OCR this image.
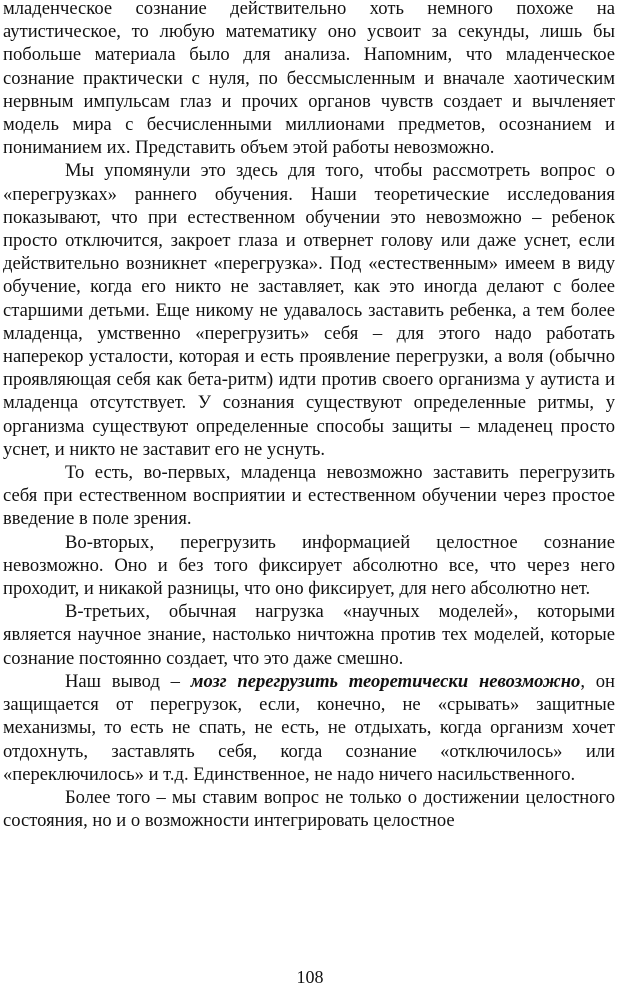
младенческое сознание действительно хоть немного похоже на аутистическое, то любую математику оно усвоит за секунды, лишь бы побольше материала было для анализа. Напомним, что младенческое сознание практически с нуля, по бессмысленным и вначале хаотическим нервным импульсам глаз и прочих органов чувств создает и вычленяет модель мира с бесчисленными миллионами предметов, осознанием и пониманием их. Представить объем этой работы невозможно.

Мы упомянули это здесь для того, чтобы рассмотреть вопрос о «перегрузках» раннего обучения. Наши теоретические исследования показывают, что при естественном обучении это невозможно – ребенок просто отключится, закроет глаза и отвернет голову или даже уснет, если действительно возникнет «перегрузка». Под «естественным» имеем в виду обучение, когда его никто не заставляет, как это иногда делают с более старшими детьми. Еще никому не удавалось заставить ребенка, а тем более младенца, умственно «перегрузить» себя – для этого надо работать наперекор усталости, которая и есть проявление перегрузки, а воля (обычно проявляющая себя как бета-ритм) идти против своего организма у аутиста и младенца отсутствует. У сознания существуют определенные ритмы, у организма существуют определенные способы защиты – младенец просто уснет, и никто не заставит его не уснуть.

То есть, во-первых, младенца невозможно заставить перегрузить себя при естественном восприятии и естественном обучении через простое введение в поле зрения.

Во-вторых, перегрузить информацией целостное сознание невозможно. Оно и без того фиксирует абсолютно все, что через него проходит, и никакой разницы, что оно фиксирует, для него абсолютно нет.

В-третьих, обычная нагрузка «научных моделей», которыми является научное знание, настолько ничтожна против тех моделей, которые сознание постоянно создает, что это даже смешно.

Наш вывод – мозг перегрузить теоретически невозможно, он защищается от перегрузок, если, конечно, не «срывать» защитные механизмы, то есть не спать, не есть, не отдыхать, когда организм хочет отдохнуть, заставлять себя, когда сознание «отключилось» или «переключилось» и т.д. Единственное, не надо ничего насильственного.

Более того – мы ставим вопрос не только о достижении целостного состояния, но и о возможности интегрировать целостное

108
